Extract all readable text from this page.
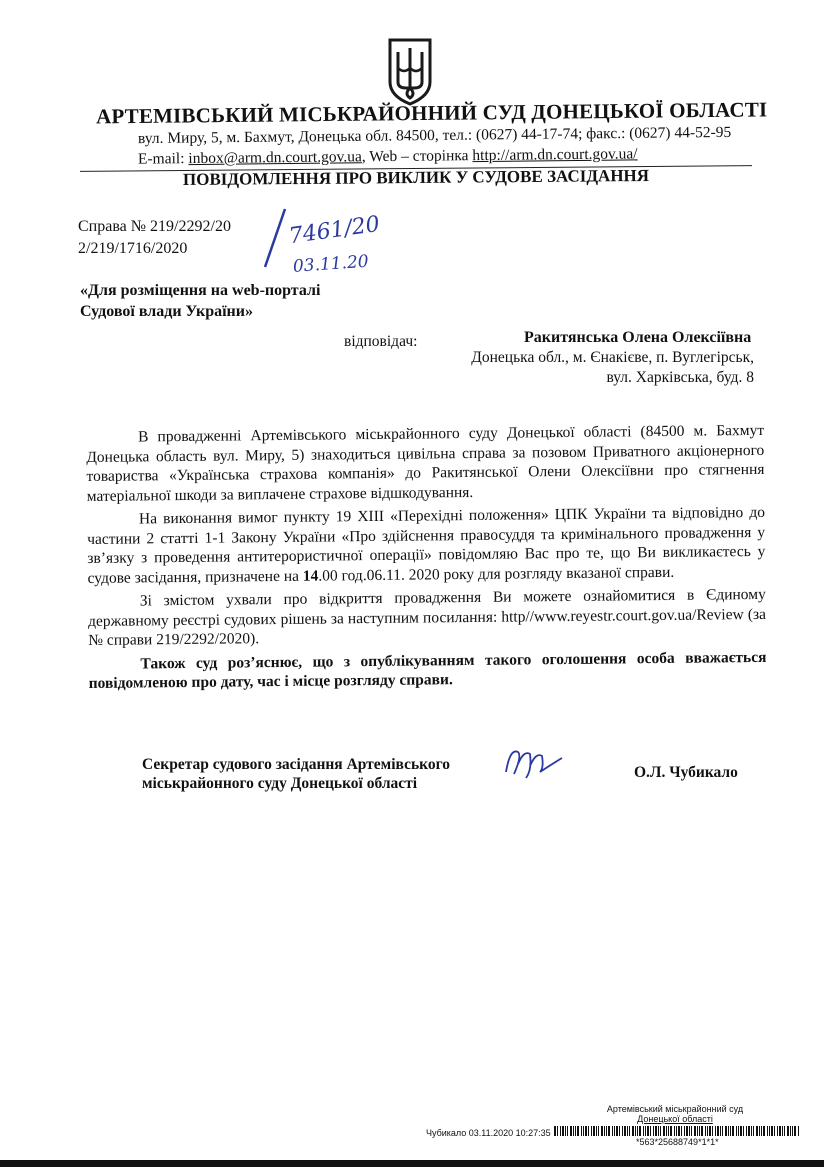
АРТЕМІВСЬКИЙ МІСЬКРАЙОННИЙ СУД ДОНЕЦЬКОЇ ОБЛАСТІ
вул. Миру, 5, м. Бахмут, Донецька обл. 84500, тел.: (0627) 44-17-74; факс.: (0627) 44-52-95
E-mail: inbox@arm.dn.court.gov.ua, Web – сторінка http://arm.dn.court.gov.ua/
ПОВІДОМЛЕННЯ ПРО ВИКЛИК У СУДОВЕ ЗАСІДАННЯ
Справа № 219/2292/20
2/219/1716/2020	7461/20
03.11.20
«Для розміщення на web-порталі
Судової влади України»
відповідач:	Ракитянська Олена Олексіївна
Донецька обл., м. Єнакієве, п. Вуглегірськ,
вул. Харківська, буд. 8

В провадженні Артемівського міськрайонного суду Донецької області (84500 м. Бахмут Донецька область вул. Миру, 5) знаходиться цивільна справа за позовом Приватного акціонерного товариства «Українська страхова компанія» до Ракитянської Олени Олексіївни про стягнення матеріальної шкоди за виплачене страхове відшкодування.

На виконання вимог пункту 19 ХІІІ «Перехідні положення» ЦПК України та відповідно до частини 2 статті 1-1 Закону України «Про здійснення правосуддя та кримінального провадження у зв’язку з проведення антитерористичної операції» повідомляю Вас про те, що Ви викликаєтесь у судове засідання, призначене на 14.00 год.06.11. 2020 року для розгляду вказаної справи.

Зі змістом ухвали про відкриття провадження Ви можете ознайомитися в Єдиному державному реєстрі судових рішень за наступним посилання: http//www.reyestr.court.gov.ua/Review (за № справи 219/2292/2020).

Також суд роз’яснює, що з опублікуванням такого оголошення особа вважається повідомленою про дату, час і місце розгляду справи.

Секретар судового засідання Артемівського
міськрайонного суду Донецької області
О.Л. Чубикало
Артемівський міськрайонний суд
Донецької області
Чубикало 03.11.2020 10:27:35
*563*25688749*1*1*
